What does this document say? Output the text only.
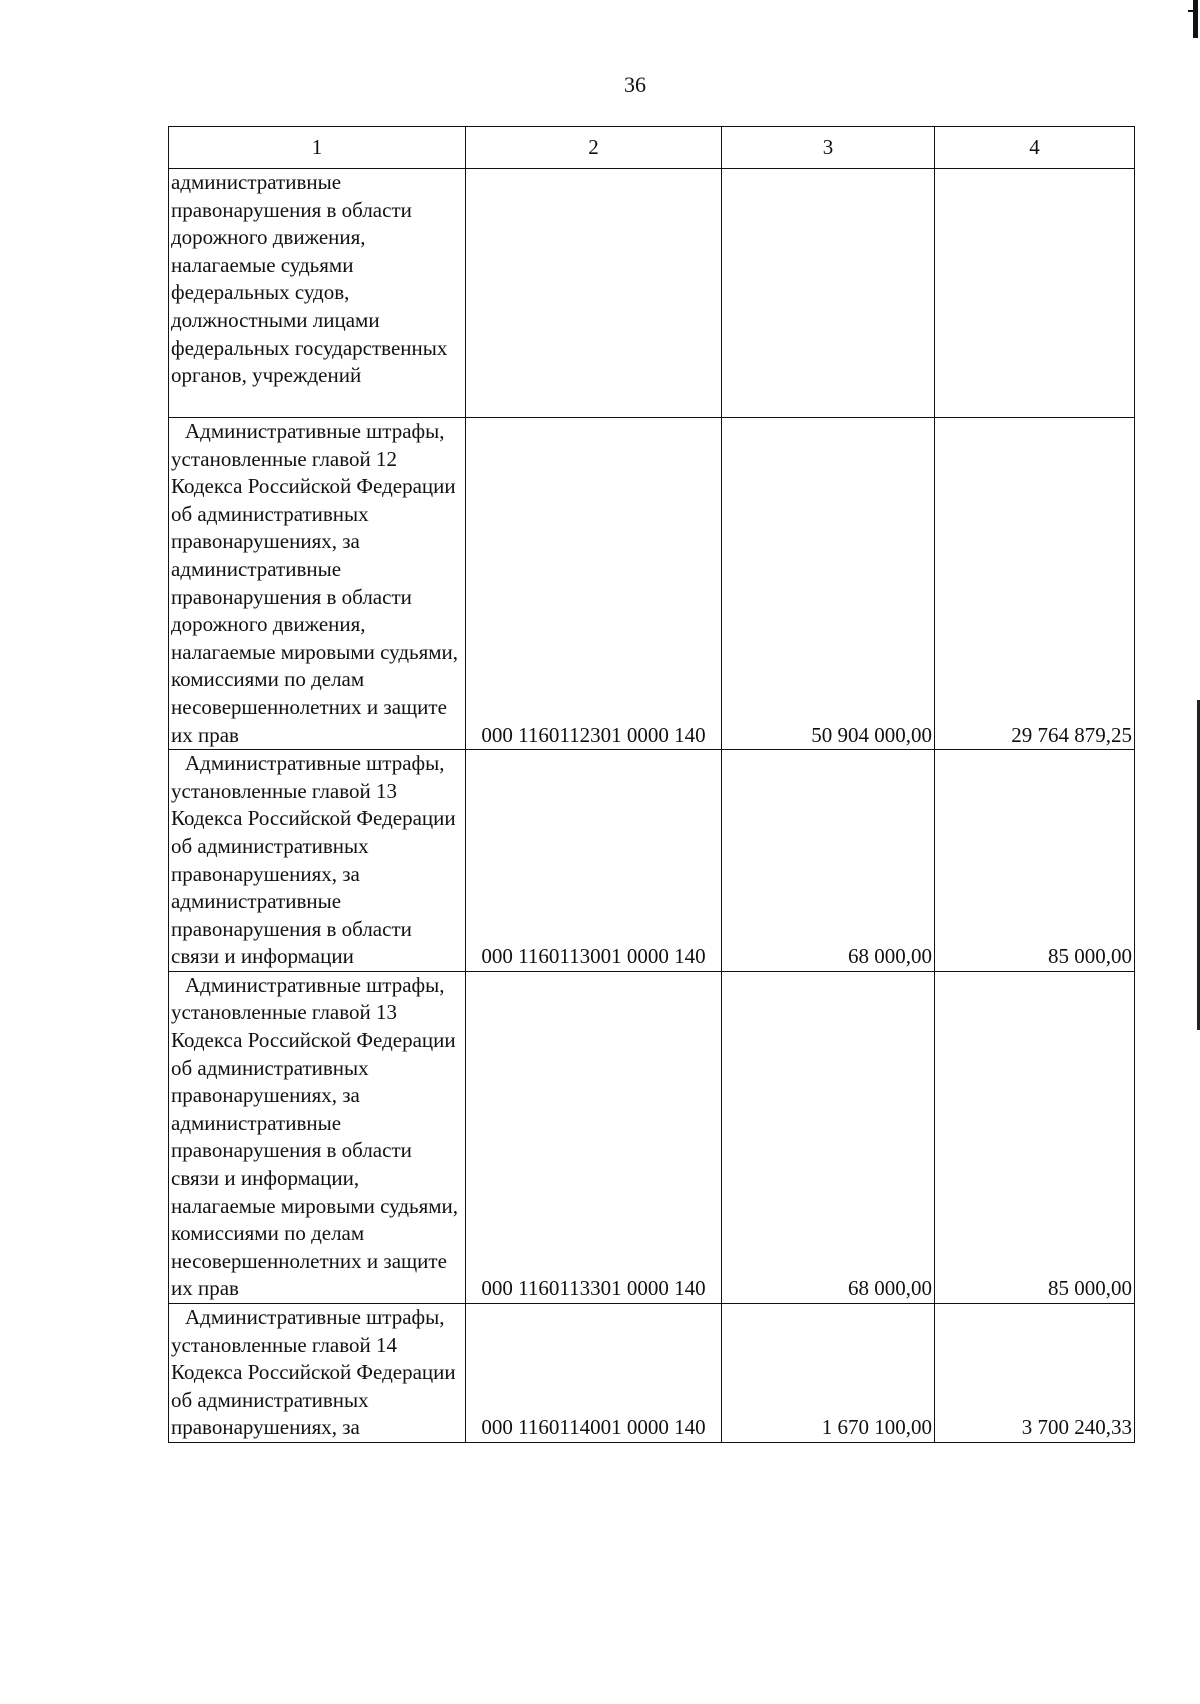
36
1	2	3	4
административные правонарушения в области дорожного движения, налагаемые судьями федеральных судов, должностными лицами федеральных государственных органов, учреждений			
Административные штрафы, установленные главой 12 Кодекса Российской Федерации об административных правонарушениях, за административные правонарушения в области дорожного движения, налагаемые мировыми судьями, комиссиями по делам несовершеннолетних и защите их прав	000 1160112301 0000 140	50 904 000,00	29 764 879,25
Административные штрафы, установленные главой 13 Кодекса Российской Федерации об административных правонарушениях, за административные правонарушения в области связи и информации	000 1160113001 0000 140	68 000,00	85 000,00
Административные штрафы, установленные главой 13 Кодекса Российской Федерации об административных правонарушениях, за административные правонарушения в области связи и информации, налагаемые мировыми судьями, комиссиями по делам несовершеннолетних и защите их прав	000 1160113301 0000 140	68 000,00	85 000,00
Административные штрафы, установленные главой 14 Кодекса Российской Федерации об административных правонарушениях, за	000 1160114001 0000 140	1 670 100,00	3 700 240,33
